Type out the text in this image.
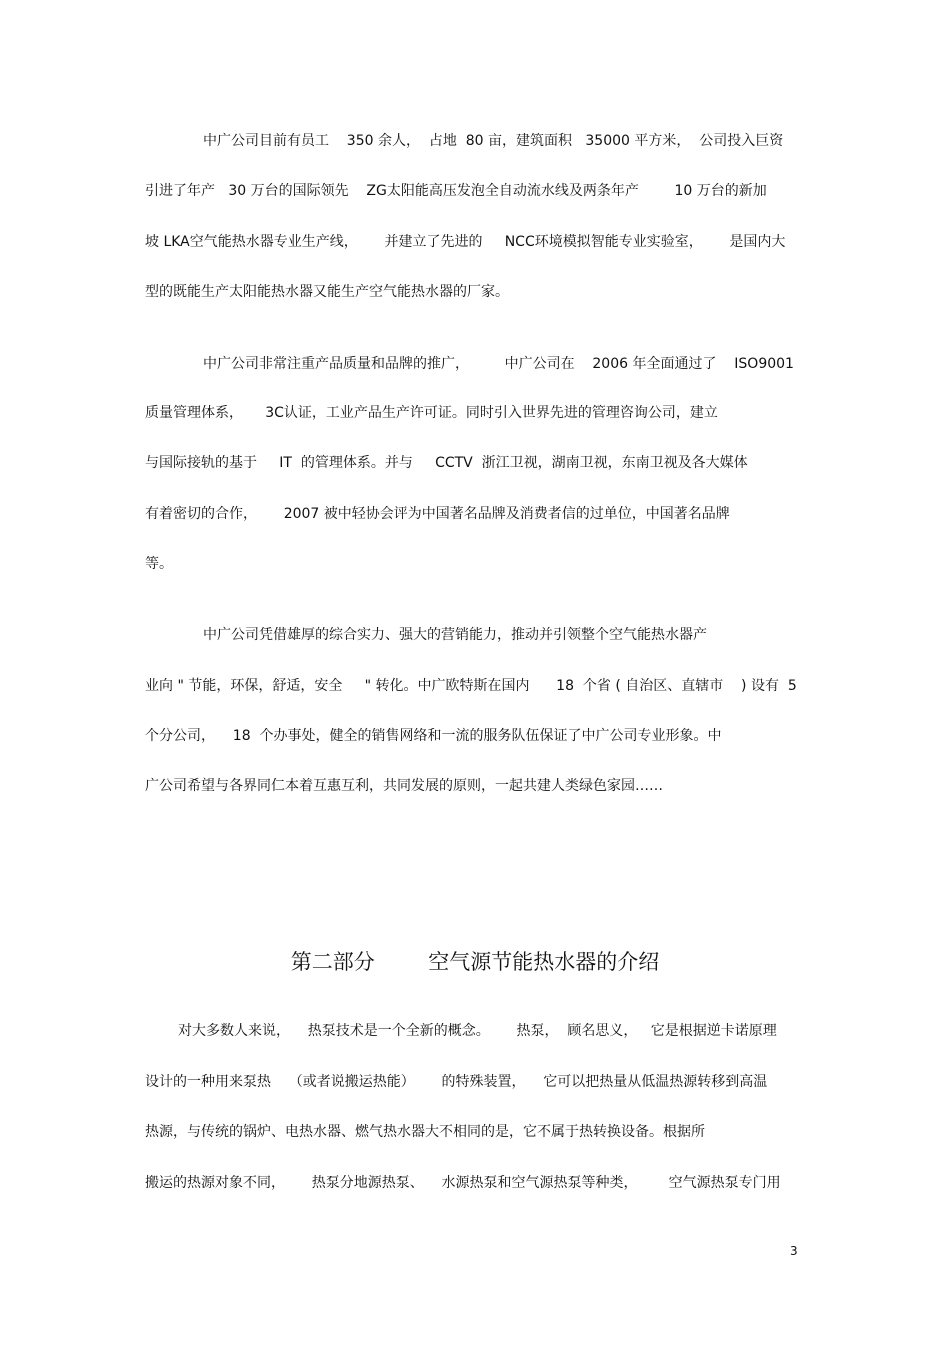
中广公司目前有员工    350 余人，  占地  80 亩，建筑面积   35000 平方米，  公司投入巨资

引进了年产   30 万台的国际领先    ZG太阳能高压发泡全自动流水线及两条年产        10 万台的新加

坡 LKA空气能热水器专业生产线，      并建立了先进的     NCC环境模拟智能专业实验室，      是国内大

型的既能生产太阳能热水器又能生产空气能热水器的厂家。

中广公司非常注重产品质量和品牌的推广，        中广公司在    2006 年全面通过了    ISO9001

质量管理体系，     3C认证，工业产品生产许可证。同时引入世界先进的管理咨询公司，建立

与国际接轨的基于     IT  的管理体系。并与     CCTV  浙江卫视，湖南卫视，东南卫视及各大媒体

有着密切的合作，      2007 被中轻协会评为中国著名品牌及消费者信的过单位，中国著名品牌

等。

中广公司凭借雄厚的综合实力、强大的营销能力，推动并引领整个空气能热水器产

业向 " 节能，环保，舒适，安全     " 转化。中广欧特斯在国内      18  个省 ( 自治区、直辖市    ) 设有  5

个分公司，    18  个办事处，健全的销售网络和一流的服务队伍保证了中广公司专业形象。中

广公司希望与各界同仁本着互惠互利，共同发展的原则，一起共建人类绿色家园……

第二部分        空气源节能热水器的介绍

对大多数人来说，    热泵技术是一个全新的概念。      热泵，  顾名思义，   它是根据逆卡诺原理

设计的一种用来泵热    （或者说搬运热能）      的特殊装置，    它可以把热量从低温热源转移到高温

热源，与传统的锅炉、电热水器、燃气热水器大不相同的是，它不属于热转换设备。根据所

搬运的热源对象不同，      热泵分地源热泵、    水源热泵和空气源热泵等种类，       空气源热泵专门用

3
